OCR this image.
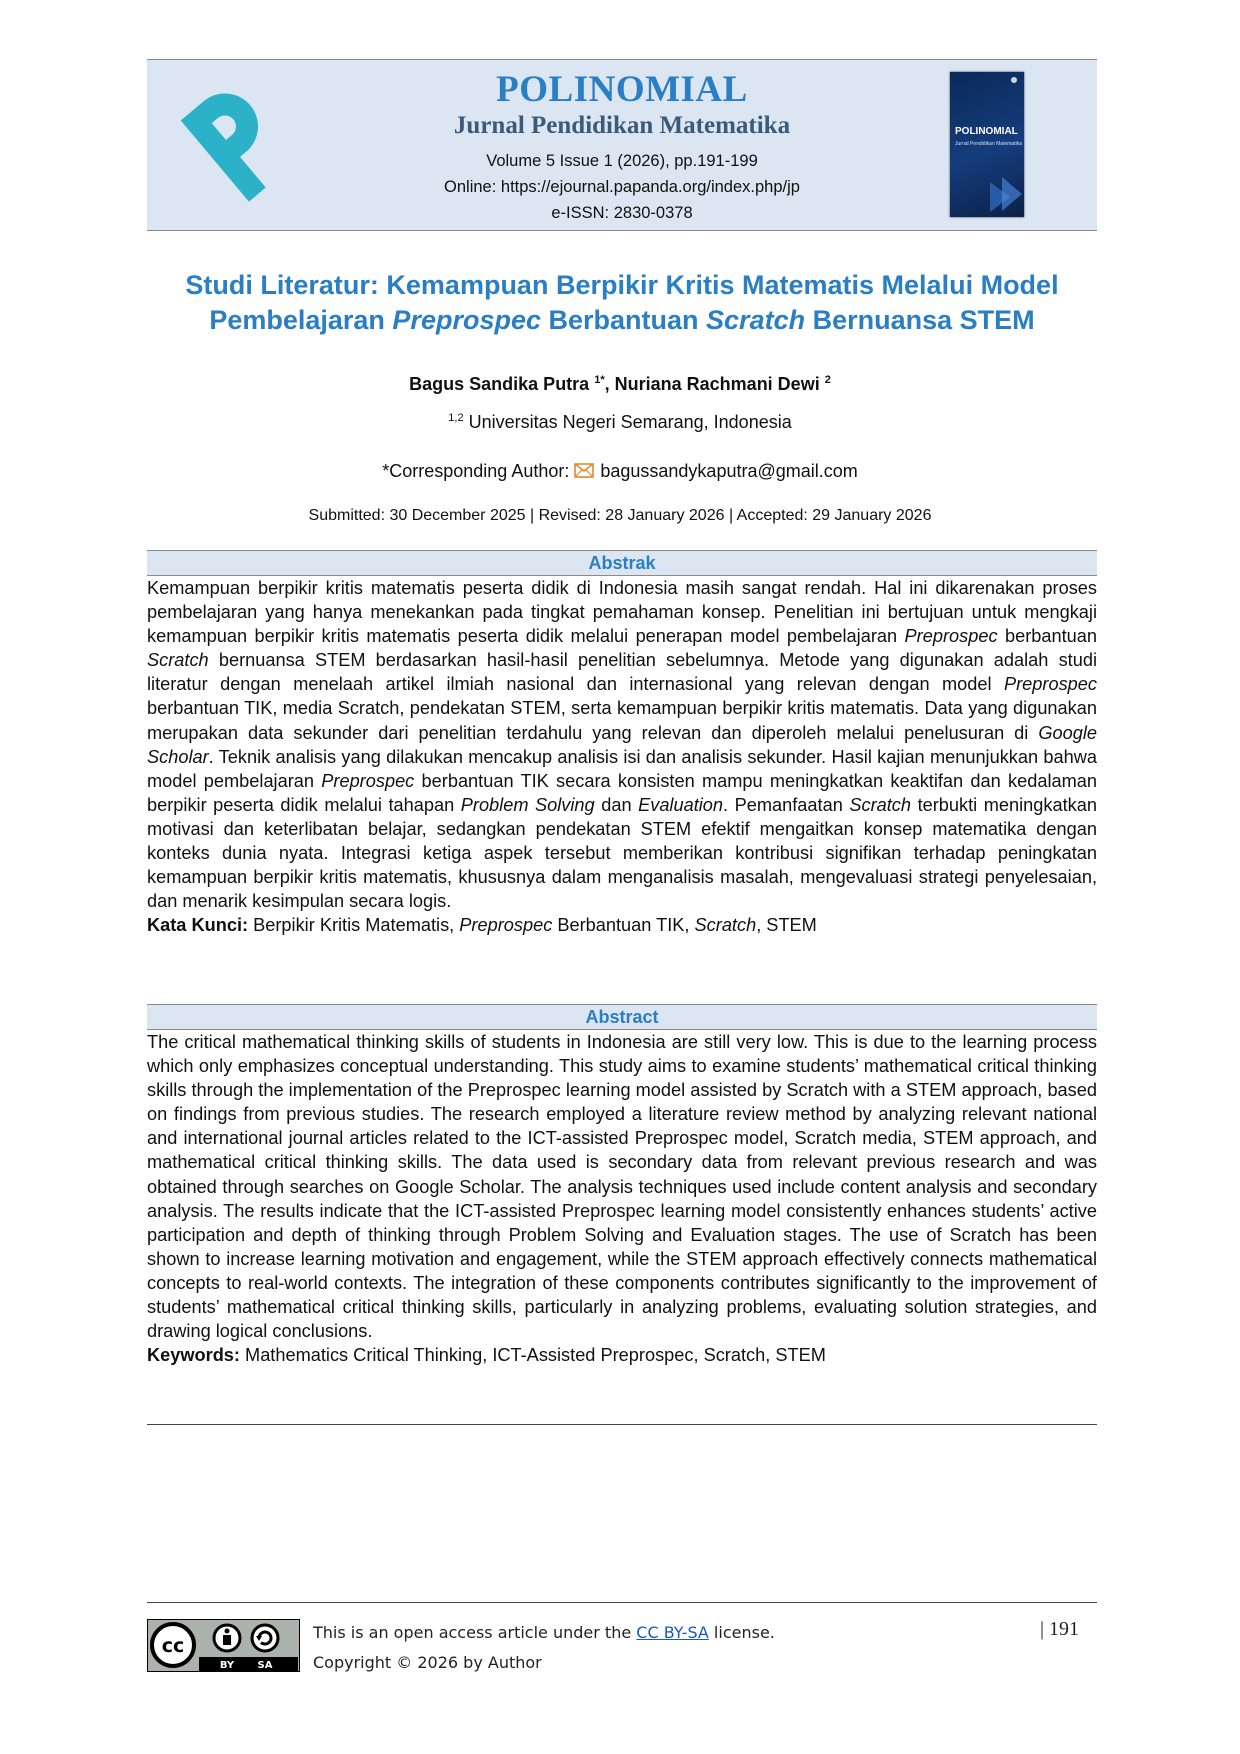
POLINOMIAL
Jurnal Pendidikan Matematika
Volume 5 Issue 1 (2026), pp.191-199
Online: https://ejournal.papanda.org/index.php/jp
e-ISSN: 2830-0378
POLINOMIAL
Jurnal Pendidikan Matematika
Studi Literatur: Kemampuan Berpikir Kritis Matematis Melalui Model Pembelajaran Preprospec Berbantuan Scratch Bernuansa STEM
Bagus Sandika Putra $^{1*}$, Nuriana Rachmani Dewi $^2$
$^{1,2}$ Universitas Negeri Semarang, Indonesia
*Corresponding Author: bagussandykaputra@gmail.com
Submitted: 30 December 2025 | Revised: 28 January 2026 | Accepted: 29 January 2026
Abstrak

Kemampuan berpikir kritis matematis peserta didik di Indonesia masih sangat rendah. Hal ini dikarenakan proses pembelajaran yang hanya menekankan pada tingkat pemahaman konsep. Penelitian ini bertujuan untuk mengkaji kemampuan berpikir kritis matematis peserta didik melalui penerapan model pembelajaran Preprospec berbantuan Scratch bernuansa STEM berdasarkan hasil-hasil penelitian sebelumnya. Metode yang digunakan adalah studi literatur dengan menelaah artikel ilmiah nasional dan internasional yang relevan dengan model Preprospec berbantuan TIK, media Scratch, pendekatan STEM, serta kemampuan berpikir kritis matematis. Data yang digunakan merupakan data sekunder dari penelitian terdahulu yang relevan dan diperoleh melalui penelusuran di Google Scholar. Teknik analisis yang dilakukan mencakup analisis isi dan analisis sekunder. Hasil kajian menunjukkan bahwa model pembelajaran Preprospec berbantuan TIK secara konsisten mampu meningkatkan keaktifan dan kedalaman berpikir peserta didik melalui tahapan Problem Solving dan Evaluation. Pemanfaatan Scratch terbukti meningkatkan motivasi dan keterlibatan belajar, sedangkan pendekatan STEM efektif mengaitkan konsep matematika dengan konteks dunia nyata. Integrasi ketiga aspek tersebut memberikan kontribusi signifikan terhadap peningkatan kemampuan berpikir kritis matematis, khususnya dalam menganalisis masalah, mengevaluasi strategi penyelesaian, dan menarik kesimpulan secara logis.

Kata Kunci: Berpikir Kritis Matematis, Preprospec Berbantuan TIK, Scratch, STEM

Abstract

The critical mathematical thinking skills of students in Indonesia are still very low. This is due to the learning process which only emphasizes conceptual understanding. This study aims to examine students’ mathematical critical thinking skills through the implementation of the Preprospec learning model assisted by Scratch with a STEM approach, based on findings from previous studies. The research employed a literature review method by analyzing relevant national and international journal articles related to the ICT-assisted Preprospec model, Scratch media, STEM approach, and mathematical critical thinking skills. The data used is secondary data from relevant previous research and was obtained through searches on Google Scholar. The analysis techniques used include content analysis and secondary analysis. The results indicate that the ICT-assisted Preprospec learning model consistently enhances students’ active participation and depth of thinking through Problem Solving and Evaluation stages. The use of Scratch has been shown to increase learning motivation and engagement, while the STEM approach effectively connects mathematical concepts to real-world contexts. The integration of these components contributes significantly to the improvement of students’ mathematical critical thinking skills, particularly in analyzing problems, evaluating solution strategies, and drawing logical conclusions.

Keywords: Mathematics Critical Thinking, ICT-Assisted Preprospec, Scratch, STEM

cc
BY SA
This is an open access article under the CC BY-SA license.
Copyright © 2026 by Author
| 191
